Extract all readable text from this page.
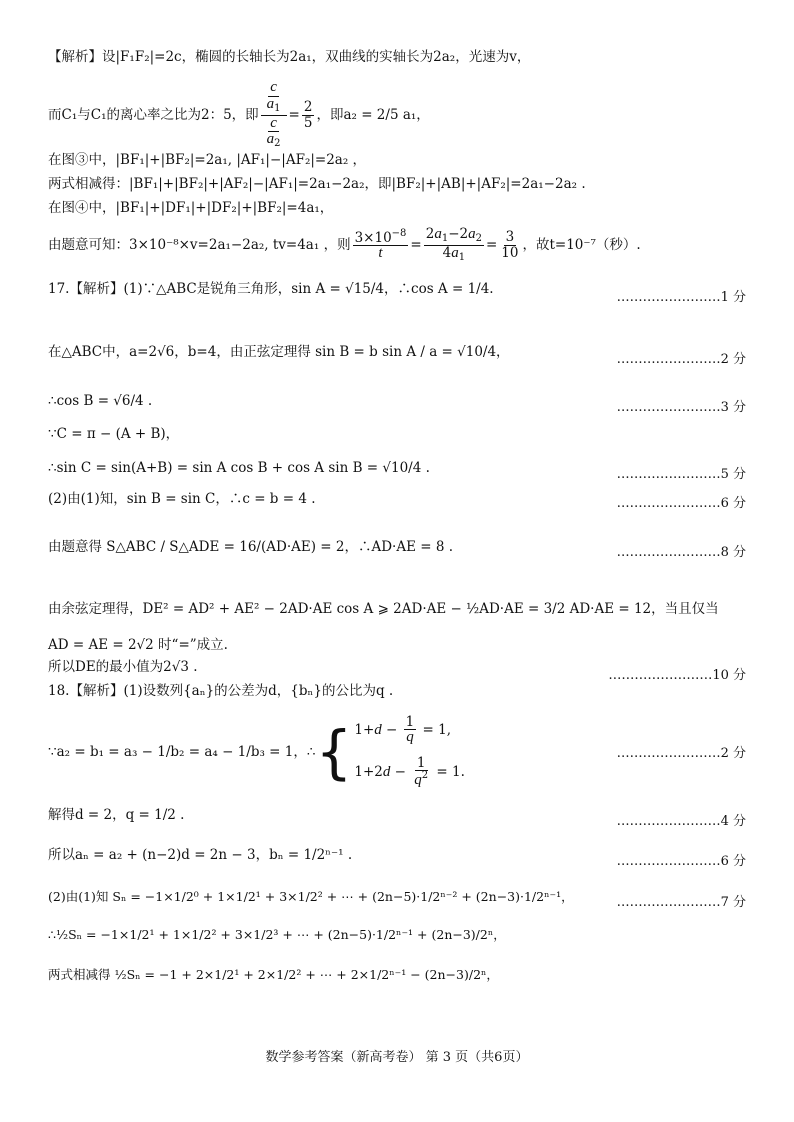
【解析】设|F₁F₂|=2c，椭圆的长轴长为2a₁，双曲线的实轴长为2a₂，光速为v，
而C₁与C₁的离心率之比为2：5，即 $\frac{\frac{c}{a_1}}{\frac{c}{a_2}} = \frac{2}{5}$ ，即a₂ = 2/5 a₁，
在图③中，|BF₁|+|BF₂|=2a₁, |AF₁|−|AF₂|=2a₂ ，
两式相减得：|BF₁|+|BF₂|+|AF₂|−|AF₁|=2a₁−2a₂，即|BF₂|+|AB|+|AF₂|=2a₁−2a₂ .
在图④中，|BF₁|+|DF₁|+|DF₂|+|BF₂|=4a₁，
由题意可知：3×10⁻⁸×v=2a₁−2a₂, tv=4a₁ ，则 $\frac{3\times 10^{-8}}{t} = \frac{2a_1-2a_2}{4a_1} = \frac{3}{10}$ ，故t=10⁻⁷（秒）.
17.【解析】(1)∵△ABC是锐角三角形，sin A = √15/4，∴cos A = 1/4.
……………………1 分
在△ABC中，a=2√6，b=4，由正弦定理得 sin B = b sin A / a = √10/4，	……………………2 分
∴cos B = √6/4 .	……………………3 分
∵C = π − (A + B)，
∴sin C = sin(A+B) = sin A cos B + cos A sin B = √10/4 .	……………………5 分
(2)由(1)知，sin B = sin C，∴c = b = 4 .	……………………6 分
由题意得 S△ABC / S△ADE = 16/(AD·AE) = 2，∴AD·AE = 8 .	……………………8 分
由余弦定理得，DE² = AD² + AE² − 2AD·AE cos A ⩾ 2AD·AE − ½AD·AE = 3/2 AD·AE = 12，当且仅当
AD = AE = 2√2 时“=”成立.
所以DE的最小值为2√3 .
……………………10 分
18.【解析】(1)设数列{aₙ}的公差为d，{bₙ}的公比为q .
∵a₂ = b₁ = a₃ − 1/b₂ = a₄ − 1/b₃ = 1，∴ { $1+d - \frac{1}{q} = 1$,
$1+2d - \frac{1}{q^2} = 1$.
……………………2 分
解得d = 2，q = 1/2 .	……………………4 分
所以aₙ = a₂ + (n−2)d = 2n − 3，bₙ = 1/2ⁿ⁻¹ .	……………………6 分
(2)由(1)知 Sₙ = −1×1/2⁰ + 1×1/2¹ + 3×1/2² + ⋯ + (2n−5)·1/2ⁿ⁻² + (2n−3)·1/2ⁿ⁻¹，	……………………7 分
∴½Sₙ = −1×1/2¹ + 1×1/2² + 3×1/2³ + ⋯ + (2n−5)·1/2ⁿ⁻¹ + (2n−3)/2ⁿ，
两式相减得 ½Sₙ = −1 + 2×1/2¹ + 2×1/2² + ⋯ + 2×1/2ⁿ⁻¹ − (2n−3)/2ⁿ，
数学参考答案（新高考卷） 第 3 页（共6页）
